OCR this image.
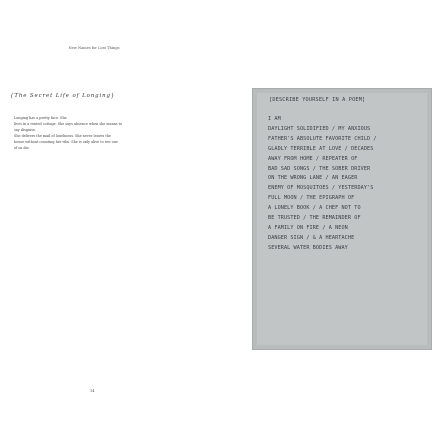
New Names for Lost Things
{The Secret Life of Longing}

Longing has a pretty face. She

lives in a rented cottage. She says absence when she means to

say disguise.

She delivers the mail of loneliness. She never leaves the

house without counting her ribs. She is only alive to see one

of us die.

14
[DESCRIBE YOURSELF IN A POEM]
I AM
DAYLIGHT SOLIDIFIED / MY ANXIOUS
FATHER'S ABSOLUTE FAVORITE CHILD /
GLADLY TERRIBLE AT LOVE / DECADES
AWAY FROM HOME / REPEATER OF
BAD SAD SONGS / THE SOBER DRIVER
ON THE WRONG LANE / AN EAGER
ENEMY OF MOSQUITOES / YESTERDAY'S
FULL MOON / THE EPIGRAPH OF
A LONELY BOOK / A CHEF NOT TO
BE TRUSTED / THE REMAINDER OF
A FAMILY ON FIRE / A NEON
DANGER SIGN / & A HEARTACHE
SEVERAL WATER BODIES AWAY
